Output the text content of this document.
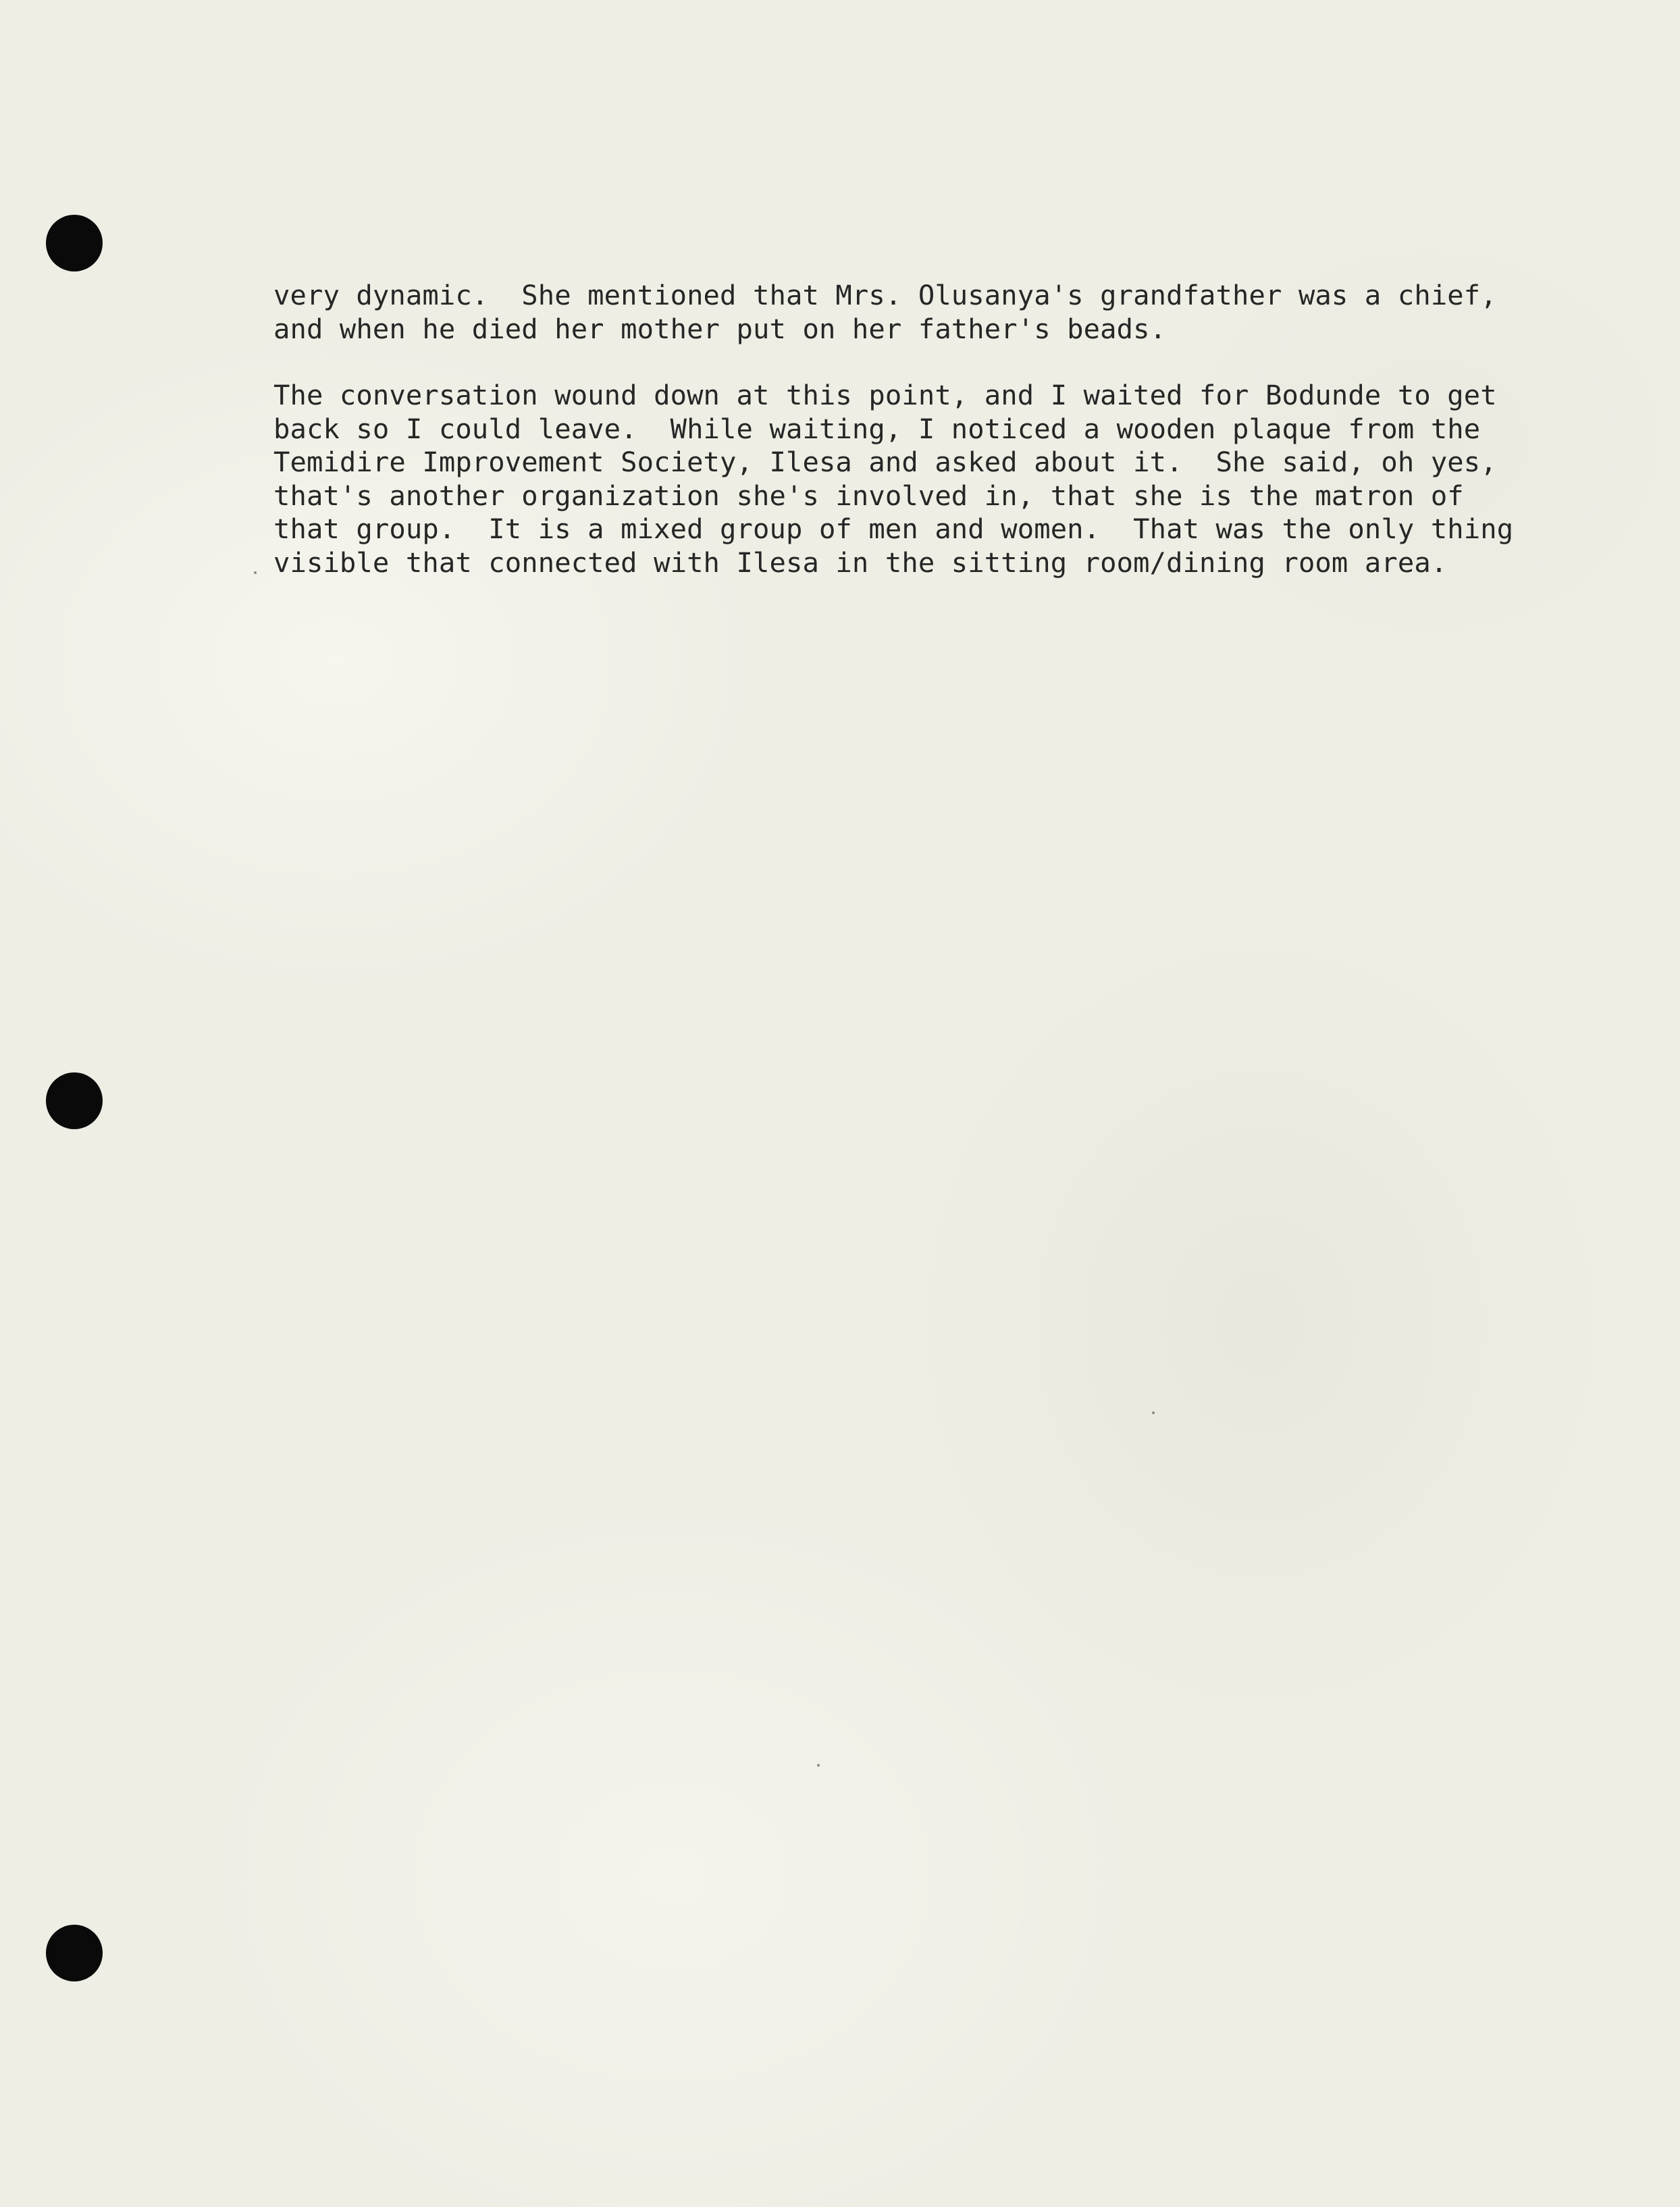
very dynamic.  She mentioned that Mrs. Olusanya's grandfather was a chief,
and when he died her mother put on her father's beads.

The conversation wound down at this point, and I waited for Bodunde to get
back so I could leave.  While waiting, I noticed a wooden plaque from the
Temidire Improvement Society, Ilesa and asked about it.  She said, oh yes,
that's another organization she's involved in, that she is the matron of
that group.  It is a mixed group of men and women.  That was the only thing
visible that connected with Ilesa in the sitting room/dining room area.
